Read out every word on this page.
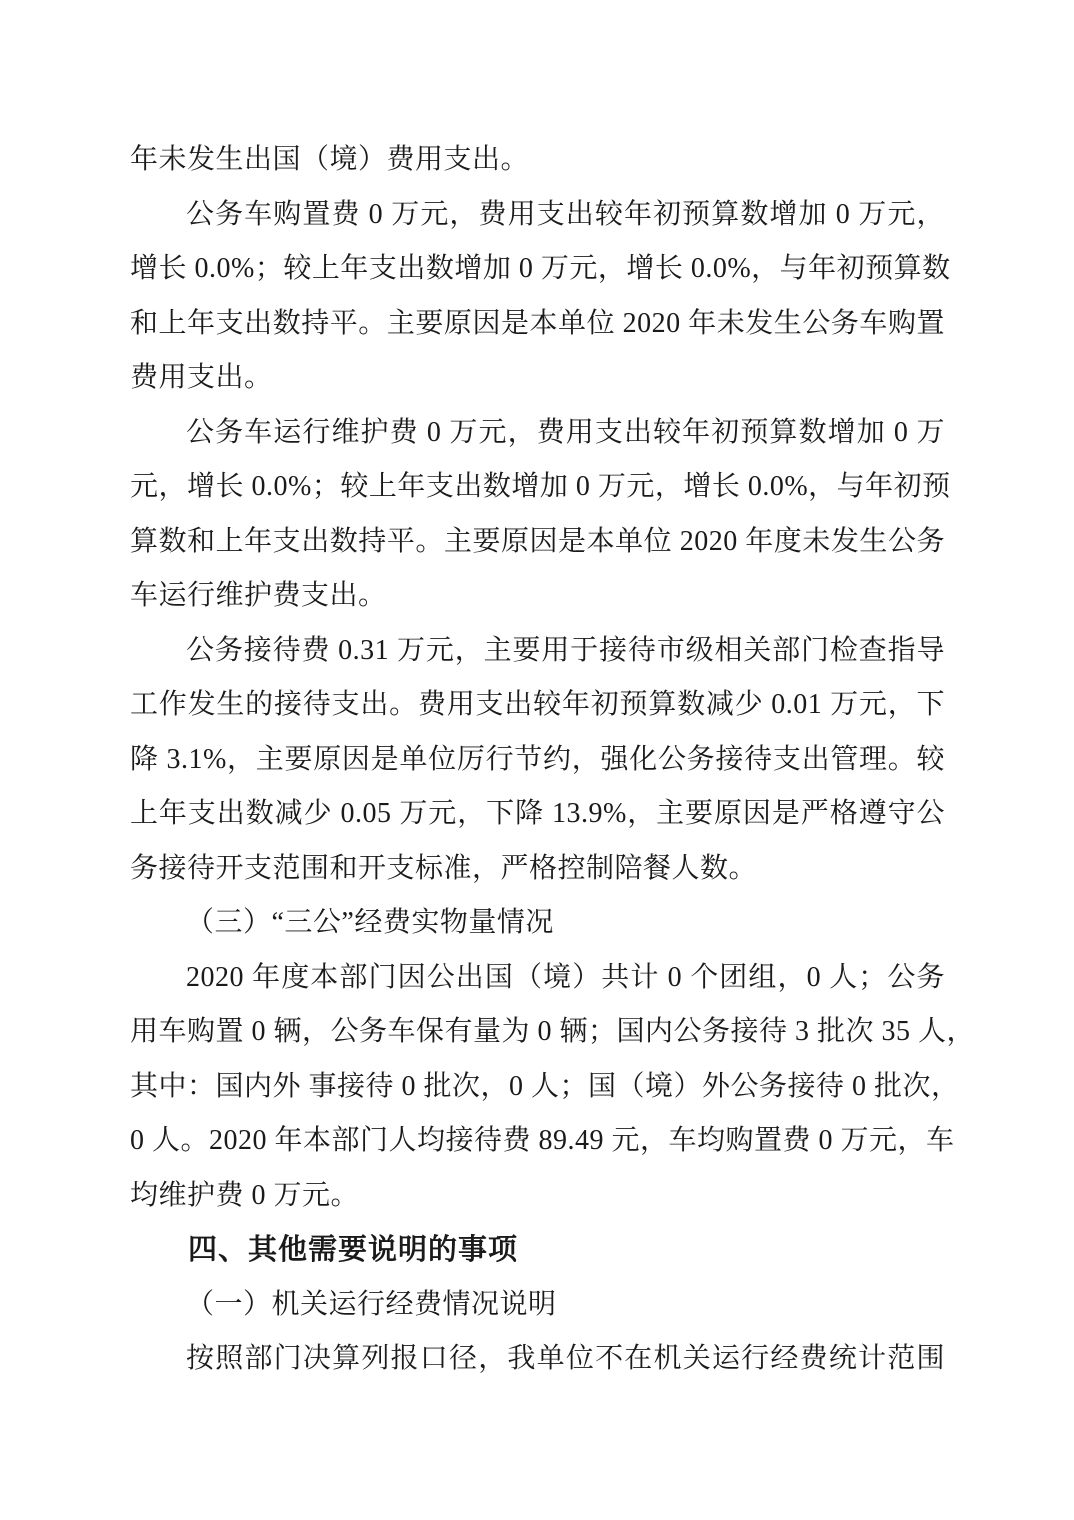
年未发生出国（境）费用支出。
公务车购置费 0 万元，费用支出较年初预算数增加 0 万元，
增长 0.0%；较上年支出数增加 0 万元，增长 0.0%，与年初预算数
和上年支出数持平。主要原因是本单位 2020 年未发生公务车购置
费用支出。
公务车运行维护费 0 万元，费用支出较年初预算数增加 0 万
元，增长 0.0%；较上年支出数增加 0 万元，增长 0.0%，与年初预
算数和上年支出数持平。主要原因是本单位 2020 年度未发生公务
车运行维护费支出。
公务接待费 0.31 万元，主要用于接待市级相关部门检查指导
工作发生的接待支出。费用支出较年初预算数减少 0.01 万元，下
降 3.1%，主要原因是单位厉行节约，强化公务接待支出管理。较
上年支出数减少 0.05 万元，下降 13.9%，主要原因是严格遵守公
务接待开支范围和开支标准，严格控制陪餐人数。
（三）“三公”经费实物量情况
2020 年度本部门因公出国（境）共计 0 个团组，0 人；公务
用车购置 0 辆，公务车保有量为 0 辆；国内公务接待 3 批次 35 人，
其中：国内外 事接待 0 批次，0 人；国（境）外公务接待 0 批次，
0 人。2020 年本部门人均接待费 89.49 元，车均购置费 0 万元，车
均维护费 0 万元。
四、其他需要说明的事项
（一）机关运行经费情况说明
按照部门决算列报口径，我单位不在机关运行经费统计范围
